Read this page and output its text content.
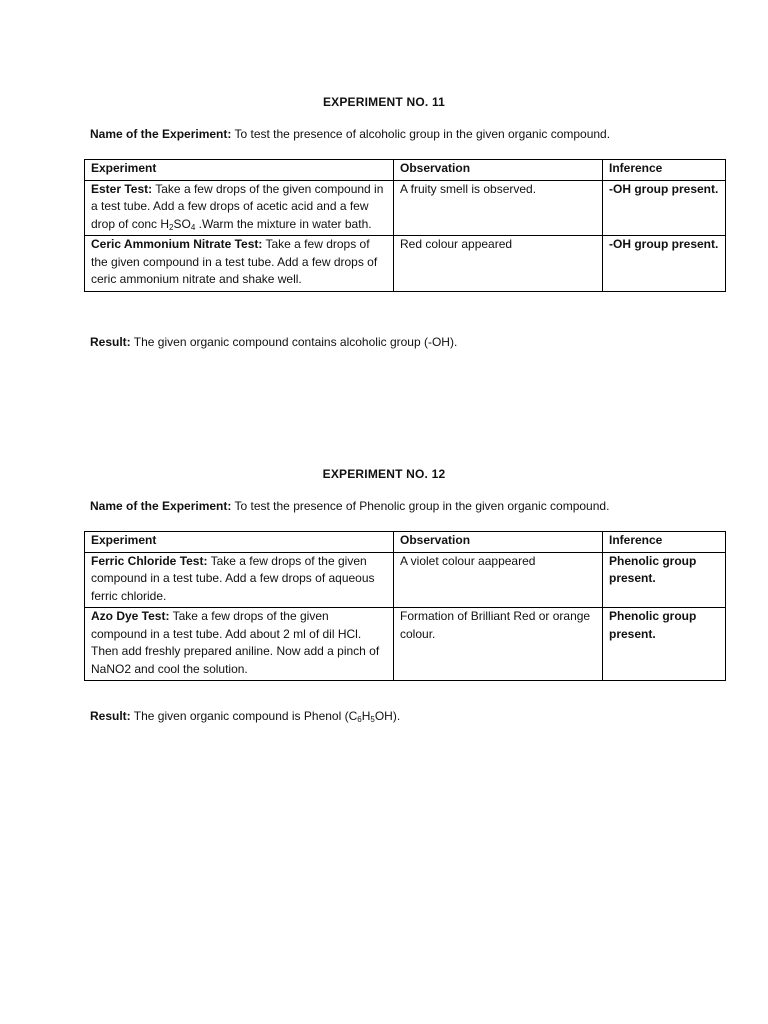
EXPERIMENT NO. 11
Name of the Experiment: To test the presence of alcoholic group in the given organic compound.
Experiment	Observation	Inference
Ester Test: Take a few drops of the given compound in a test tube. Add a few drops of acetic acid and a few drop of conc $H_2SO_4$ .Warm the mixture in water bath.	A fruity smell is observed.	-OH group present.
Ceric Ammonium Nitrate Test: Take a few drops of the given compound in a test tube. Add a few drops of ceric ammonium nitrate and shake well.	Red colour appeared	-OH group present.
Result: The given organic compound contains alcoholic group (-OH).
EXPERIMENT NO. 12
Name of the Experiment: To test the presence of Phenolic group in the given organic compound.
Experiment	Observation	Inference
Ferric Chloride Test: Take a few drops of the given compound in a test tube. Add a few drops of aqueous ferric chloride.	A violet colour aappeared	Phenolic group present.
Azo Dye Test: Take a few drops of the given compound in a test tube. Add about 2 ml of dil HCl. Then add freshly prepared aniline. Now add a pinch of NaNO2 and cool the solution.	Formation of Brilliant Red or orange colour.	Phenolic group present.
Result: The given organic compound is Phenol $(C_6H_5OH)$.
